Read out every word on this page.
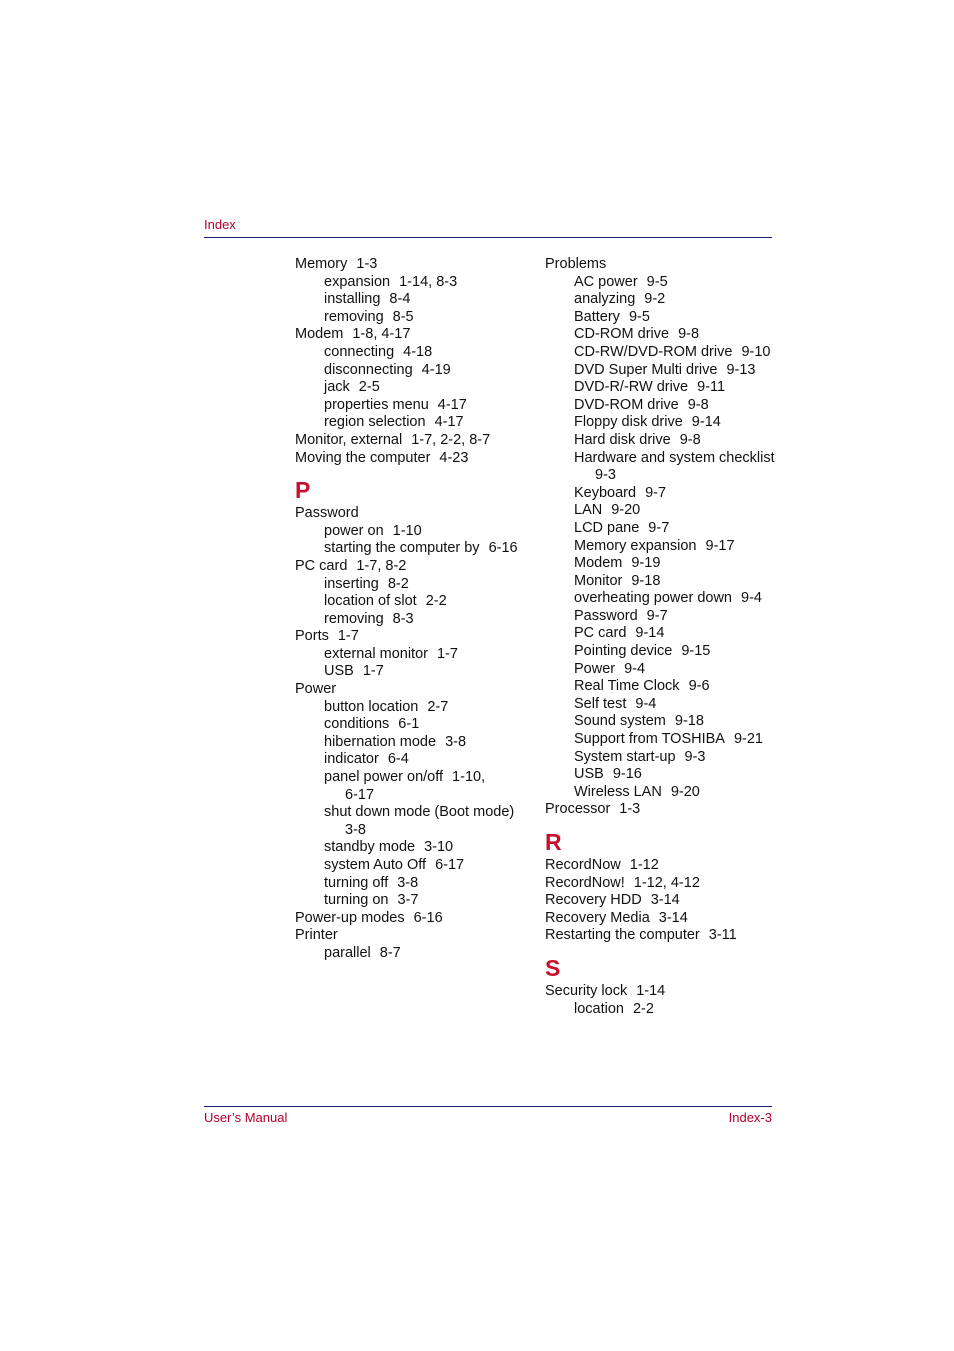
Index
Memory 1-3
expansion 1-14, 8-3
installing 8-4
removing 8-5
Modem 1-8, 4-17
connecting 4-18
disconnecting 4-19
jack 2-5
properties menu 4-17
region selection 4-17
Monitor, external 1-7, 2-2, 8-7
Moving the computer 4-23
P
Password
power on 1-10
starting the computer by 6-16
PC card 1-7, 8-2
inserting 8-2
location of slot 2-2
removing 8-3
Ports 1-7
external monitor 1-7
USB 1-7
Power
button location 2-7
conditions 6-1
hibernation mode 3-8
indicator 6-4
panel power on/off 1-10,
6-17
shut down mode (Boot mode)
3-8
standby mode 3-10
system Auto Off 6-17
turning off 3-8
turning on 3-7
Power-up modes 6-16
Printer
parallel 8-7
Problems
AC power 9-5
analyzing 9-2
Battery 9-5
CD-ROM drive 9-8
CD-RW/DVD-ROM drive 9-10
DVD Super Multi drive 9-13
DVD-R/-RW drive 9-11
DVD-ROM drive 9-8
Floppy disk drive 9-14
Hard disk drive 9-8
Hardware and system checklist
9-3
Keyboard 9-7
LAN 9-20
LCD pane 9-7
Memory expansion 9-17
Modem 9-19
Monitor 9-18
overheating power down 9-4
Password 9-7
PC card 9-14
Pointing device 9-15
Power 9-4
Real Time Clock 9-6
Self test 9-4
Sound system 9-18
Support from TOSHIBA 9-21
System start-up 9-3
USB 9-16
Wireless LAN 9-20
Processor 1-3
R
RecordNow 1-12
RecordNow! 1-12, 4-12
Recovery HDD 3-14
Recovery Media 3-14
Restarting the computer 3-11
S
Security lock 1-14
location 2-2
User’s Manual	Index-3
